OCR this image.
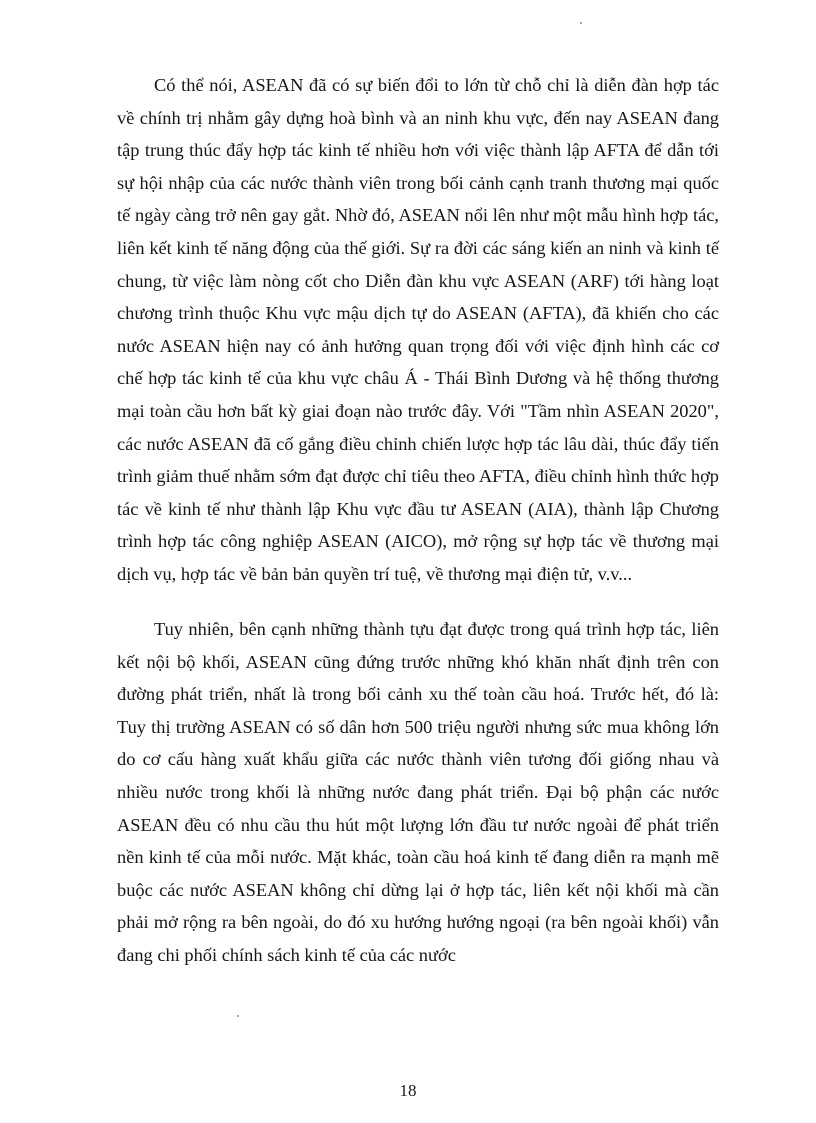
Có thể nói, ASEAN đã có sự biến đổi to lớn từ chỗ chỉ là diễn đàn hợp tác về chính trị nhằm gây dựng hoà bình và an ninh khu vực, đến nay ASEAN đang tập trung thúc đẩy hợp tác kinh tế nhiều hơn với việc thành lập AFTA để dẫn tới sự hội nhập của các nước thành viên trong bối cảnh cạnh tranh thương mại quốc tế ngày càng trở nên gay gắt. Nhờ đó, ASEAN nổi lên như một mẫu hình hợp tác, liên kết kinh tế năng động của thế giới. Sự ra đời các sáng kiến an ninh và kinh tế chung, từ việc làm nòng cốt cho Diễn đàn khu vực ASEAN (ARF) tới hàng loạt chương trình thuộc Khu vực mậu dịch tự do ASEAN (AFTA), đã khiến cho các nước ASEAN hiện nay có ảnh hưởng quan trọng đối với việc định hình các cơ chế hợp tác kinh tế của khu vực châu Á - Thái Bình Dương và hệ thống thương mại toàn cầu hơn bất kỳ giai đoạn nào trước đây. Với "Tầm nhìn ASEAN 2020", các nước ASEAN đã cố gắng điều chỉnh chiến lược hợp tác lâu dài, thúc đẩy tiến trình giảm thuế nhằm sớm đạt được chỉ tiêu theo AFTA, điều chỉnh hình thức hợp tác về kinh tế như thành lập Khu vực đầu tư ASEAN (AIA), thành lập Chương trình hợp tác công nghiệp ASEAN (AICO), mở rộng sự hợp tác về thương mại dịch vụ, hợp tác về bản bản quyền trí tuệ, về thương mại điện tử, v.v...

Tuy nhiên, bên cạnh những thành tựu đạt được trong quá trình hợp tác, liên kết nội bộ khối, ASEAN cũng đứng trước những khó khăn nhất định trên con đường phát triển, nhất là trong bối cảnh xu thế toàn cầu hoá. Trước hết, đó là: Tuy thị trường ASEAN có số dân hơn 500 triệu người nhưng sức mua không lớn do cơ cấu hàng xuất khẩu giữa các nước thành viên tương đối giống nhau và nhiều nước trong khối là những nước đang phát triển. Đại bộ phận các nước ASEAN đều có nhu cầu thu hút một lượng lớn đầu tư nước ngoài để phát triển nền kinh tế của mỗi nước. Mặt khác, toàn cầu hoá kinh tế đang diễn ra mạnh mẽ buộc các nước ASEAN không chỉ dừng lại ở hợp tác, liên kết nội khối mà cần phải mở rộng ra bên ngoài, do đó xu hướng hướng ngoại (ra bên ngoài khối) vẫn đang chi phối chính sách kinh tế của các nước

18
